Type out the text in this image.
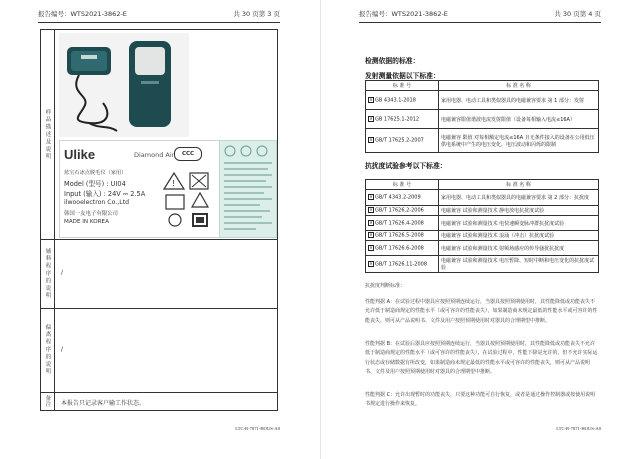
报告编号：WTS2021-3862-E	共 30 页第 3 页
样品描述及说明 Ulike	Diamond Air
蓝宝石冰点脱毛仪（家用）
Model (型号) : UI04
Input (输入) : 24V ⎓ 2.5A
ilwooelectron Co.,Ltd
韩国一友电子有限公司
MADE IN KOREA
CCC
!
辅料程序的说明 /
偏离程序的说明 /
备注 本报告只记录客户输工作状态。
LTC-R-7071-HOUS-A0
报告编号：WTS2021-3862-E	共 30 页第 4 页
检测依据的标准：
发射测量依据以下标准：
标 准 号	标 准 名 称
✕ GB 4343.1-2018	家用电器、电动工具和类似器具的电磁兼容要求 第 1 部分：发射
✕ GB 17625.1-2012	电磁兼容限值谐波电流发射限值（设备每相输入电流≤16A）
✕ GB/T 17625.2-2007	电磁兼容 限值 对每相额定电流≤16A 且无条件接入的设备在公用低压供电系统中产生的电压变化、电压波动和闪烁的限制
抗扰度试验参考以下标准：
标 准 号	标 准 名 称
✕ GB/T 4343.2-2009	家用电器、电动工具和类似器具的电磁兼容要求 第 2 部分：抗扰度
✕ GB/T 17626.2-2006	电磁兼容 试验和测量技术 静电放电抗扰度试验
✕ GB/T 17626.4-2008	电磁兼容 试验和测量技术 电快速瞬变脉冲群抗扰度试验
✕ GB/T 17626.5-2008	电磁兼容 试验和测量技术 浪涌（冲击）抗扰度试验
✕ GB/T 17626.6-2008	电磁兼容 试验和测量技术 射频场感应的传导骚扰抗扰度
✕ GB/T 17626.11-2008	电磁兼容 试验和测量技术 电压暂降、短时中断和电压变化的抗扰度试验
抗扰度判断标准：
性能判据 A：在试验过程中器具应按照预期连续运行，当器具按照预期使用时，其性能降低或功能丧失不允许低于制造商规定的性能水平（或可容许的性能丧失），如果制造商未规定最低的性能水平或可容许的性能丧失，则可从产品说明书、文件及用户按照预期使用时对器具的合理期望中推断。
性能判据 B：在试验后器具应按照预期连续运行，当器具按照预期使用时，其性能降低或功能丧失不允许低于制造商规定的性能水平（或可容许的性能丧失），在试验过程中，性能下降是允许的，但不允许实际运行状态或存储数据有所改变，如果制造商未规定最低的性能水平或可容许的性能丧失，则可从产品说明书、文件及用户按照预期使用时对器具的合理期望中推断。
性能判据 C：允许出现暂时的功能丧失，只要这种功能可自行恢复，或者是通过操作控制器或按使用说明书规定进行操作来恢复。
LTC-R-7071-HOUS-A0
